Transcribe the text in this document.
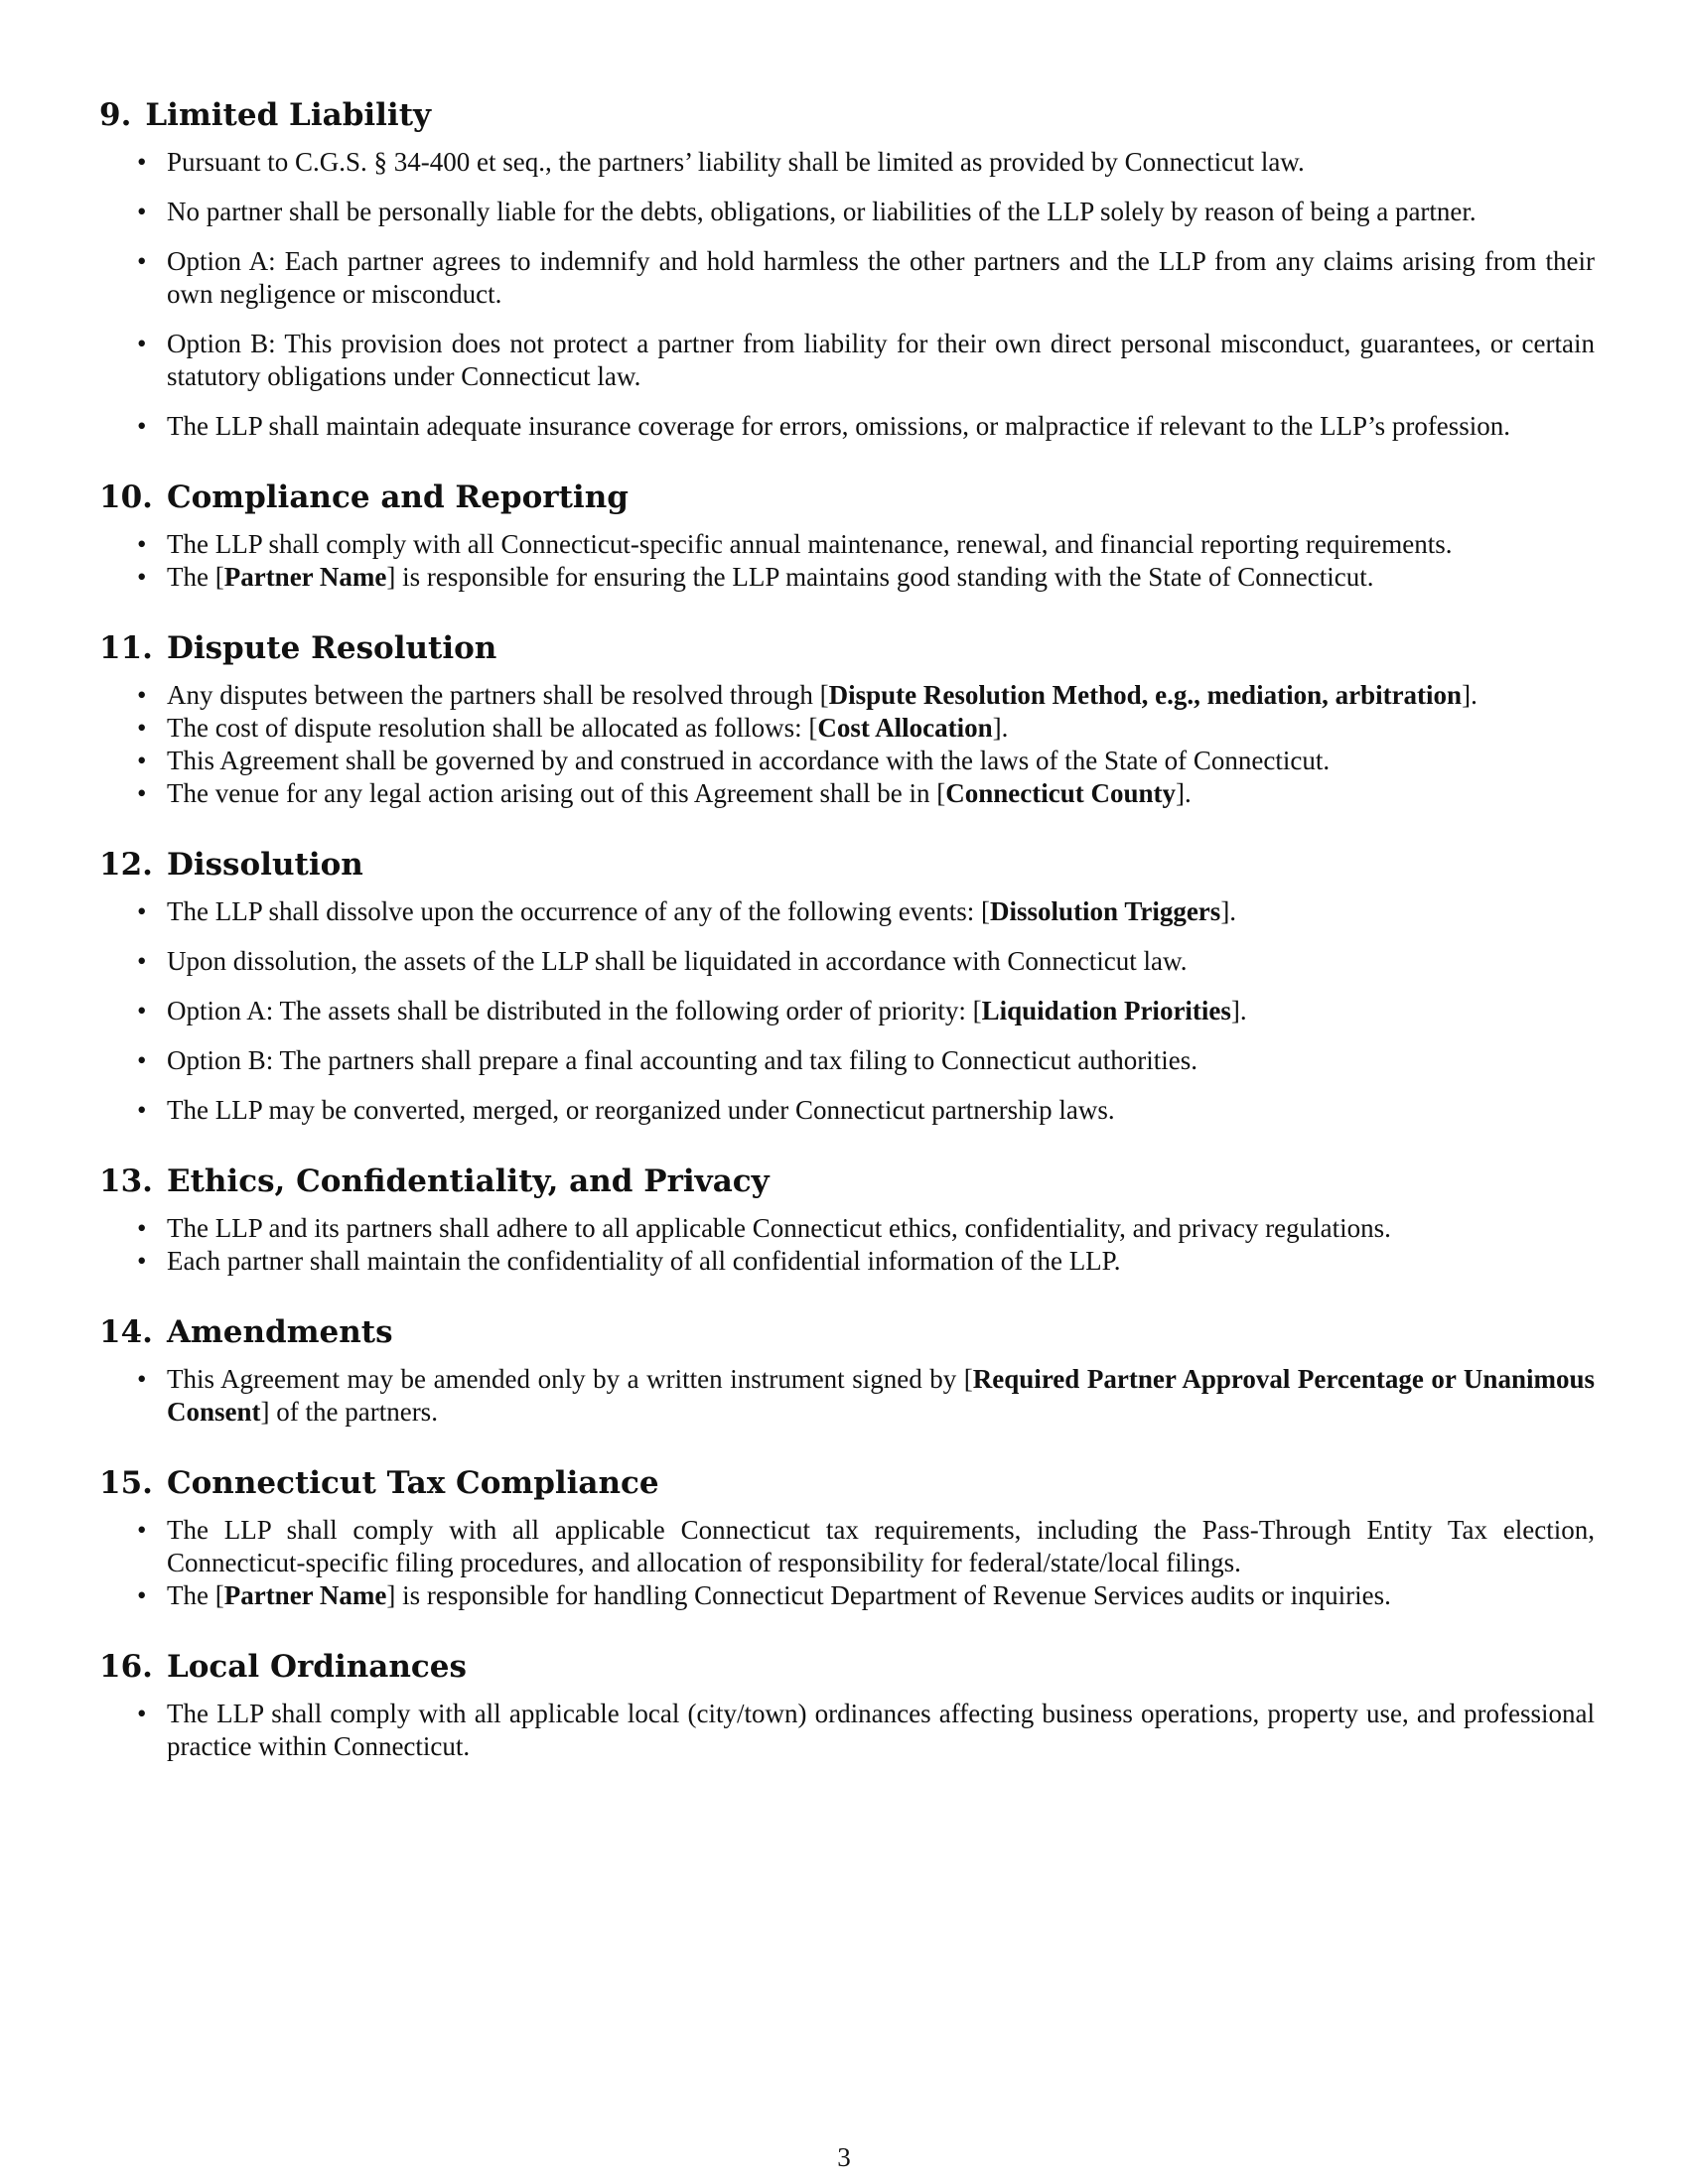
9. Limited Liability
• Pursuant to C.G.S. § 34-400 et seq., the partners’ liability shall be limited as provided by Connecticut law.
• No partner shall be personally liable for the debts, obligations, or liabilities of the LLP solely by reason of being a partner.
• Option A: Each partner agrees to indemnify and hold harmless the other partners and the LLP from any claims arising from their own negligence or misconduct.
• Option B: This provision does not protect a partner from liability for their own direct personal misconduct, guarantees, or certain statutory obligations under Connecticut law.
• The LLP shall maintain adequate insurance coverage for errors, omissions, or malpractice if relevant to the LLP’s profession.
10. Compliance and Reporting
• The LLP shall comply with all Connecticut-specific annual maintenance, renewal, and financial reporting requirements.
• The [Partner Name] is responsible for ensuring the LLP maintains good standing with the State of Connecticut.
11. Dispute Resolution
• Any disputes between the partners shall be resolved through [Dispute Resolution Method, e.g., mediation, arbitration].
• The cost of dispute resolution shall be allocated as follows: [Cost Allocation].
• This Agreement shall be governed by and construed in accordance with the laws of the State of Connecticut.
• The venue for any legal action arising out of this Agreement shall be in [Connecticut County].
12. Dissolution
• The LLP shall dissolve upon the occurrence of any of the following events: [Dissolution Triggers].
• Upon dissolution, the assets of the LLP shall be liquidated in accordance with Connecticut law.
• Option A: The assets shall be distributed in the following order of priority: [Liquidation Priorities].
• Option B: The partners shall prepare a final accounting and tax filing to Connecticut authorities.
• The LLP may be converted, merged, or reorganized under Connecticut partnership laws.
13. Ethics, Confidentiality, and Privacy
• The LLP and its partners shall adhere to all applicable Connecticut ethics, confidentiality, and privacy regulations.
• Each partner shall maintain the confidentiality of all confidential information of the LLP.
14. Amendments
• This Agreement may be amended only by a written instrument signed by [Required Partner Approval Percentage or Unanimous Consent] of the partners.
15. Connecticut Tax Compliance
• The LLP shall comply with all applicable Connecticut tax requirements, including the Pass-Through Entity Tax election, Connecticut-specific filing procedures, and allocation of responsibility for federal/state/local filings.
• The [Partner Name] is responsible for handling Connecticut Department of Revenue Services audits or inquiries.
16. Local Ordinances
• The LLP shall comply with all applicable local (city/town) ordinances affecting business operations, property use, and professional practice within Connecticut.
3
